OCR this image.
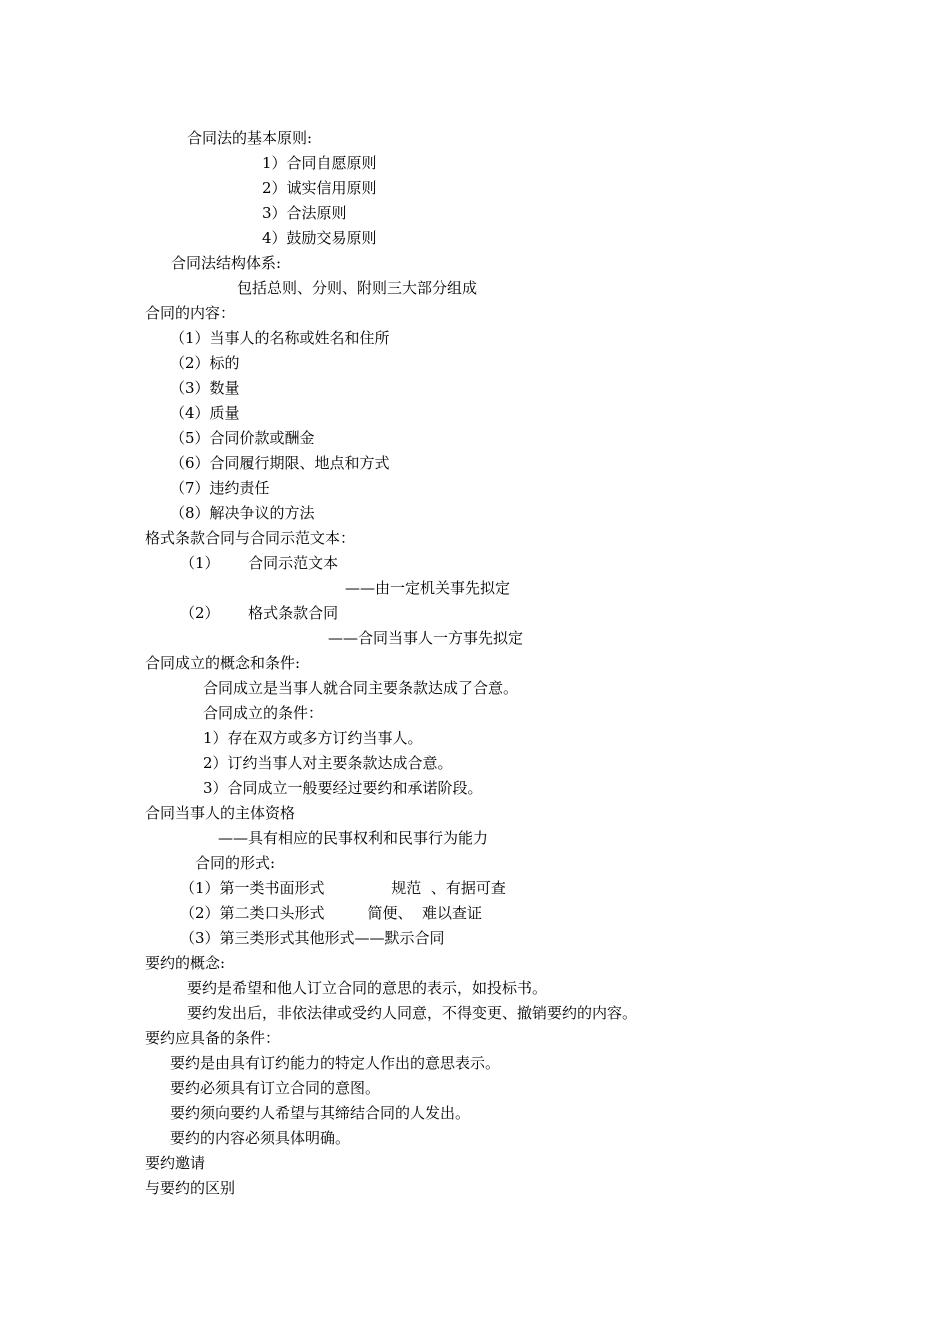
合同法的基本原则:
1）合同自愿原则
2）诚实信用原则
3）合法原则
4）鼓励交易原则
合同法结构体系:
包括总则、分则、附则三大部分组成
合同的内容：
（1）当事人的名称或姓名和住所
（2）标的
（3）数量
（4）质量
（5）合同价款或酬金
（6）合同履行期限、地点和方式
（7）违约责任
（8）解决争议的方法
格式条款合同与合同示范文本：
（1）      合同示范文本
——由一定机关事先拟定
（2）      格式条款合同
——合同当事人一方事先拟定
合同成立的概念和条件:
合同成立是当事人就合同主要条款达成了合意。
合同成立的条件：
1）存在双方或多方订约当事人。
2）订约当事人对主要条款达成合意。
3）合同成立一般要经过要约和承诺阶段。
合同当事人的主体资格
——具有相应的民事权利和民事行为能力
合同的形式:
（1）第一类书面形式              规范  、有据可查
（2）第二类口头形式         简便、  难以查证
（3）第三类形式其他形式——默示合同
要约的概念:
要约是希望和他人订立合同的意思的表示，如投标书。
要约发出后，非依法律或受约人同意，不得变更、撤销要约的内容。
要约应具备的条件：
要约是由具有订约能力的特定人作出的意思表示。
要约必须具有订立合同的意图。
要约须向要约人希望与其缔结合同的人发出。
要约的内容必须具体明确。
要约邀请
与要约的区别
